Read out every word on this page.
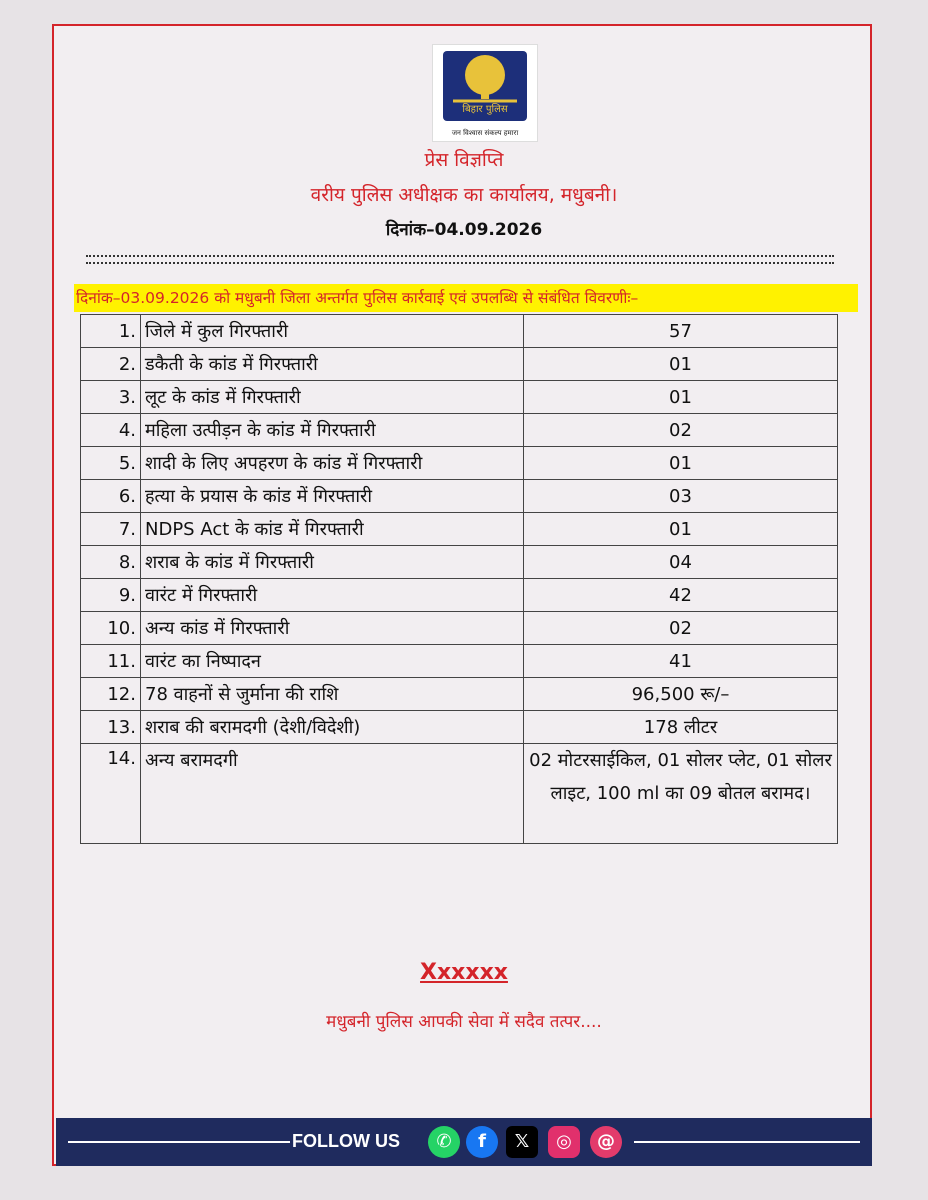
बिहार पुलिस
जन विश्वास संकल्प हमारा
प्रेस विज्ञप्ति
वरीय पुलिस अधीक्षक का कार्यालय, मधुबनी।
दिनांक–04.09.2026
दिनांक–03.09.2026 को मधुबनी जिला अन्तर्गत पुलिस कार्रवाई एवं उपलब्धि से संबंधित विवरणीः–
1.	जिले में कुल गिरफ्तारी	57
2.	डकैती के कांड में गिरफ्तारी	01
3.	लूट के कांड में गिरफ्तारी	01
4.	महिला उत्पीड़न के कांड में गिरफ्तारी	02
5.	शादी के लिए अपहरण के कांड में गिरफ्तारी	01
6.	हत्या के प्रयास के कांड में गिरफ्तारी	03
7.	NDPS Act के कांड में गिरफ्तारी	01
8.	शराब के कांड में गिरफ्तारी	04
9.	वारंट में गिरफ्तारी	42
10.	अन्य कांड में गिरफ्तारी	02
11.	वारंट का निष्पादन	41
12.	78 वाहनों से जुर्माना की राशि	96,500 रू/–
13.	शराब की बरामदगी (देशी/विदेशी)	178 लीटर
14.	अन्य बरामदगी	02 मोटरसाईकिल, 01 सोलर प्लेट, 01 सोलर लाइट, 100 ml का 09 बोतल बरामद।
Xxxxxx
मधुबनी पुलिस आपकी सेवा में सदैव तत्पर....
FOLLOW US	✆	f	𝕏	◎	@
